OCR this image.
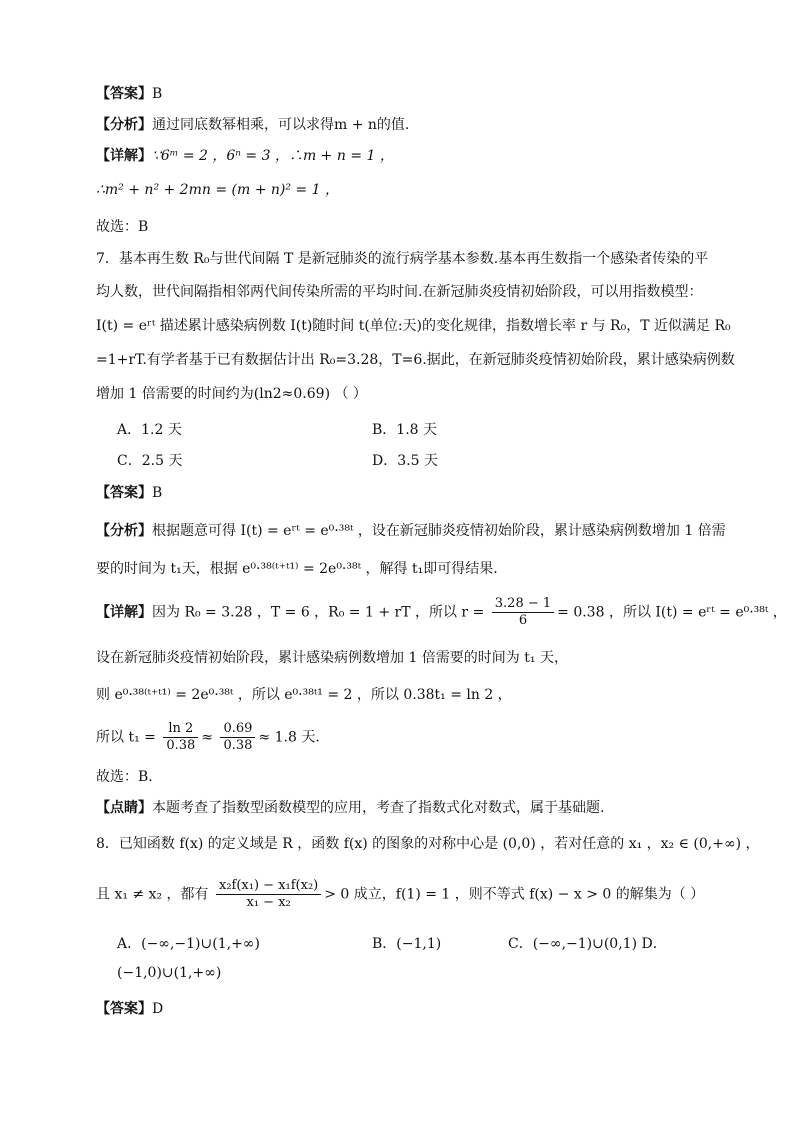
【答案】B
【分析】通过同底数幂相乘，可以求得m + n的值.
【详解】∵6ᵐ = 2 ，6ⁿ = 3 ，∴m + n = 1 ，
∴m² + n² + 2mn = (m + n)² = 1 ，
故选：B
7．基本再生数 R₀与世代间隔 T 是新冠肺炎的流行病学基本参数.基本再生数指一个感染者传染的平
均人数，世代间隔指相邻两代间传染所需的平均时间.在新冠肺炎疫情初始阶段，可以用指数模型：
I(t) = eʳᵗ 描述累计感染病例数 I(t)随时间 t(单位:天)的变化规律，指数增长率 r 与 R₀，T 近似满足 R₀
=1+rT.有学者基于已有数据估计出 R₀=3.28，T=6.据此，在新冠肺炎疫情初始阶段，累计感染病例数
增加 1 倍需要的时间约为(ln2≈0.69) （ ）
A．1.2 天	B．1.8 天
C．2.5 天	D．3.5 天
【答案】B
【分析】根据题意可得 I(t) = eʳᵗ = e⁰·³⁸ᵗ ，设在新冠肺炎疫情初始阶段，累计感染病例数增加 1 倍需
要的时间为 t₁天，根据 e⁰·³⁸⁽ᵗ⁺ᵗ¹⁾ = 2e⁰·³⁸ᵗ ，解得 t₁即可得结果.
【详解】因为 R₀ = 3.28 ，T = 6 ，R₀ = 1 + rT ，所以 $r = \frac{3.28 - 1}{6} = 0.38$ ，所以 I(t) = eʳᵗ = e⁰·³⁸ᵗ ，
设在新冠肺炎疫情初始阶段，累计感染病例数增加 1 倍需要的时间为 t₁ 天，
则 e⁰·³⁸⁽ᵗ⁺ᵗ¹⁾ = 2e⁰·³⁸ᵗ ，所以 e⁰·³⁸ᵗ¹ = 2 ，所以 0.38t₁ = ln 2 ，
所以 $t_1 = \frac{\ln 2}{0.38} \approx \frac{0.69}{0.38} \approx 1.8$ 天.
故选：B.
【点睛】本题考查了指数型函数模型的应用，考查了指数式化对数式，属于基础题.
8．已知函数 f(x) 的定义域是 R ，函数 f(x) 的图象的对称中心是 (0,0) ，若对任意的 x₁ ，x₂ ∈ (0,+∞) ，
且 x₁ ≠ x₂ ，都有 $\frac{\text{x₂f(x₁) − x₁f(x₂)}}{\text{x₁ − x₂}} > 0$ 成立，f(1) = 1 ，则不等式 f(x) − x > 0 的解集为（ ）
A．(−∞,−1)∪(1,+∞)	B．(−1,1)	C．(−∞,−1)∪(0,1) D．
(−1,0)∪(1,+∞)
【答案】D
